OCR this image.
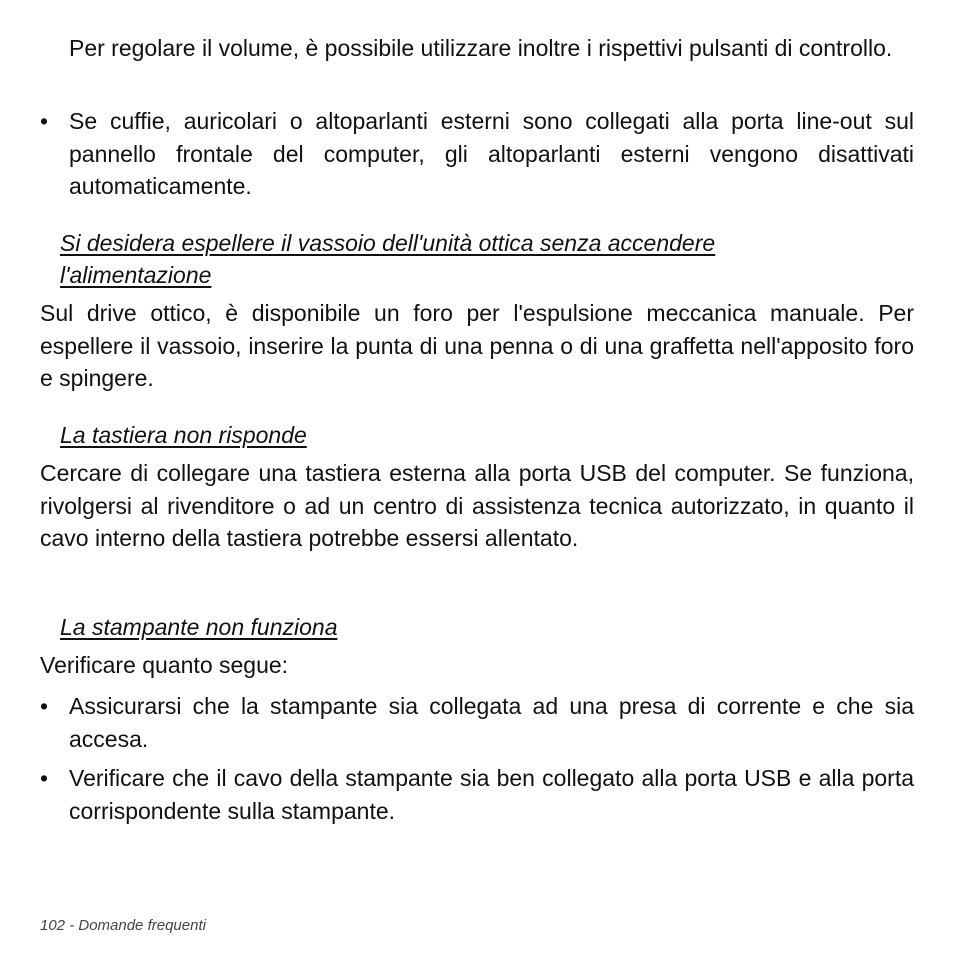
Per regolare il volume, è possibile utilizzare inoltre i rispettivi pulsanti di controllo.
• Se cuffie, auricolari o altoparlanti esterni sono collegati alla porta line-out sul pannello frontale del computer, gli altoparlanti esterni vengono disattivati automaticamente.
Si desidera espellere il vassoio dell'unità ottica senza accendere l'alimentazione
Sul drive ottico, è disponibile un foro per l'espulsione meccanica manuale. Per espellere il vassoio, inserire la punta di una penna o di una graffetta nell'apposito foro e spingere.
La tastiera non risponde
Cercare di collegare una tastiera esterna alla porta USB del computer. Se funziona, rivolgersi al rivenditore o ad un centro di assistenza tecnica autorizzato, in quanto il cavo interno della tastiera potrebbe essersi allentato.
La stampante non funziona
Verificare quanto segue:
• Assicurarsi che la stampante sia collegata ad una presa di corrente e che sia accesa.
• Verificare che il cavo della stampante sia ben collegato alla porta USB e alla porta corrispondente sulla stampante.
102 - Domande frequenti
